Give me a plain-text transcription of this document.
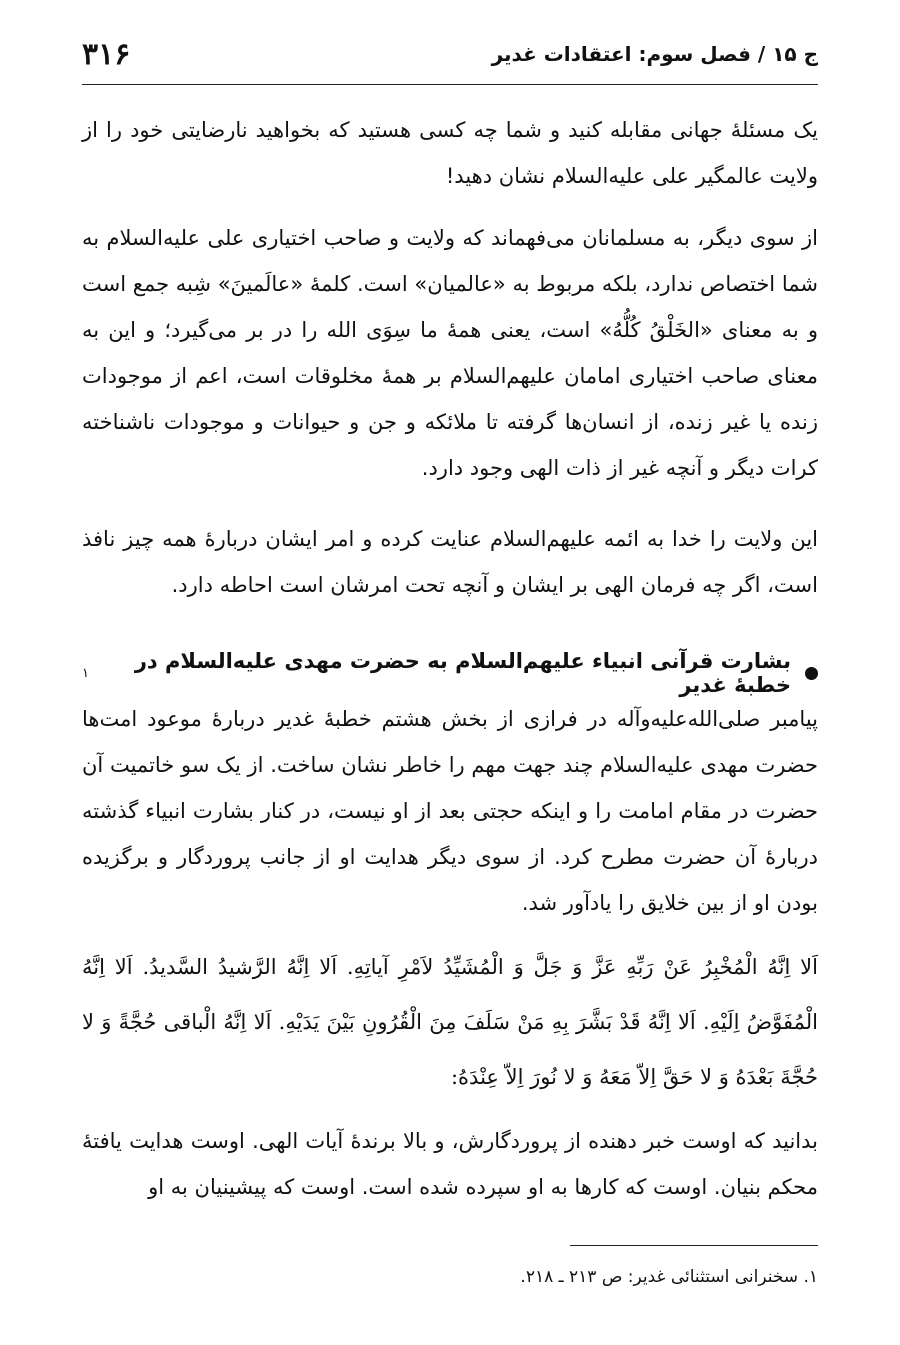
ج ۱۵ / فصل سوم: اعتقادات غدیر
۳۱۶

یک مسئلهٔ جهانی مقابله کنید و شما چه کسی هستید که بخواهید نارضایتی خود را از ولایت عالمگیر علی علیه‌السلام نشان دهید!

از سوی دیگر، به مسلمانان می‌فهماند که ولایت و صاحب اختیاری علی علیه‌السلام به شما اختصاص ندارد، بلکه مربوط به «عالمیان» است. کلمهٔ «عالَمینَ» شِبه جمع است و به معنای «الخَلْقُ کُلُّهُ» است، یعنی همهٔ ما سِوَی الله را در بر می‌گیرد؛ و این به معنای صاحب اختیاری امامان علیهم‌السلام بر همهٔ مخلوقات است، اعم از موجودات زنده یا غیر زنده، از انسان‌ها گرفته تا ملائکه و جن و حیوانات و موجودات ناشناخته کرات دیگر و آنچه غیر از ذات الهی وجود دارد.

این ولایت را خدا به ائمه علیهم‌السلام عنایت کرده و امر ایشان دربارهٔ همه چیز نافذ است، اگر چه فرمان الهی بر ایشان و آنچه تحت امرشان است احاطه دارد.

بشارت قرآنی انبیاء علیهم‌السلام به حضرت مهدی علیه‌السلام در خطبهٔ غدیر
۱

پیامبر صلی‌الله‌علیه‌وآله در فرازی از بخش هشتم خطبهٔ غدیر دربارهٔ موعود امت‌ها حضرت مهدی علیه‌السلام چند جهت مهم را خاطر نشان ساخت. از یک سو خاتمیت آن حضرت در مقام امامت را و اینکه حجتی بعد از او نیست، در کنار بشارت انبیاء گذشته دربارهٔ آن حضرت مطرح کرد. از سوی دیگر هدایت او از جانب پروردگار و برگزیده بودن او از بین خلایق را یادآور شد.

اَلا اِنَّهُ الْمُخْبِرُ عَنْ رَبِّهِ عَزَّ وَ جَلَّ وَ الْمُشَیِّدُ لاَمْرِ آیاتِهِ. اَلا اِنَّهُ الرَّشیدُ السَّدیدُ. اَلا اِنَّهُ الْمُفَوَّضُ اِلَیْهِ. اَلا اِنَّهُ قَدْ بَشَّرَ بِهِ مَنْ سَلَفَ مِنَ الْقُرُونِ بَیْنَ یَدَیْهِ. اَلا اِنَّهُ الْباقی حُجَّةً وَ لا حُجَّةَ بَعْدَهُ وَ لا حَقَّ اِلاّ مَعَهُ وَ لا نُورَ اِلاّ عِنْدَهُ:

بدانید که اوست خبر دهنده از پروردگارش، و بالا برندهٔ آیات الهی. اوست هدایت یافتهٔ محکم بنیان. اوست که کارها به او سپرده شده است. اوست که پیشینیان به او

۱. سخنرانی استثنائی غدیر: ص ۲۱۳ ـ ۲۱۸.
